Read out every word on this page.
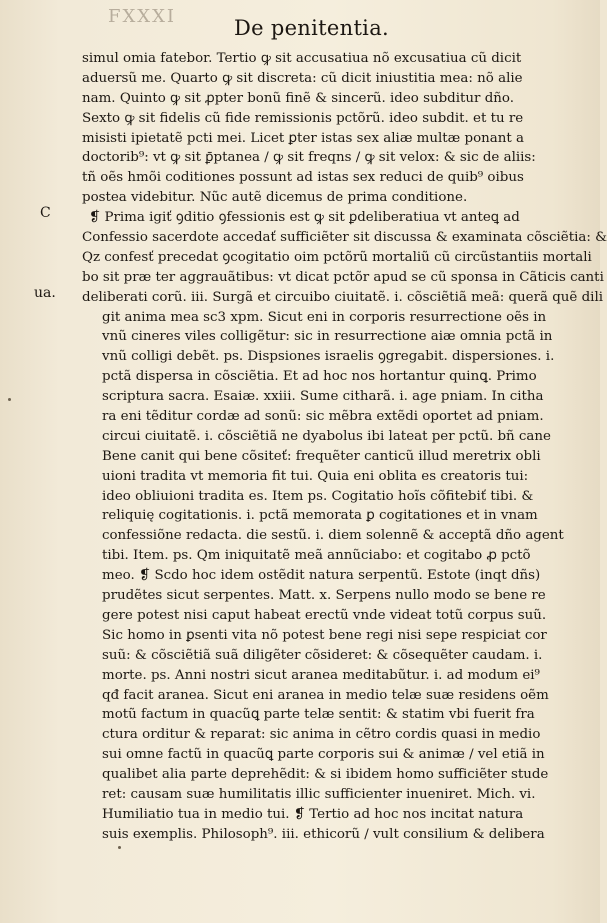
FXXXI	De penitentia.
C
ua.
simul omia fatebor. Tertio ꝙ sit accusatiua nõ excusatiua cũ dicit
aduersũ me. Quarto ꝙ sit discreta: cũ dicit iniustitia mea: nõ alie
nam. Quinto ꝙ sit ꝓpter bonũ finẽ & sincerũ. ideo subditur dño.
Sexto ꝙ sit fidelis cũ fide remissionis pctõrũ. ideo subdit. et tu re
misisti ipietatẽ pcti mei. Licet ꝑter istas sex aliæ multæ ponant a
doctorib⁹: vt ꝙ sit ꝑ̄ptanea / ꝙ sit freqns / ꝙ sit velox: & sic de aliis:
tñ oẽs hmõi coditiones possunt ad istas sex reduci de quib⁹ oibus
postea videbitur. Nũc autẽ dicemus de prima conditione.
❡ Prima igiť ꝯditio ꝯfessionis est ꝙ sit ꝑdeliberatiua vt anteꝗ ad
Confessio sacerdote accedať sufficiẽter sit discussa & examinata cõsciẽtia: &
Qz confesť precedat ꝯcogitatio oim pctõrũ mortaliũ cũ circũstantiis mortali
bo sit præ ter aggrauãtibus: vt dicat pctõr apud se cũ sponsa in Cãticis canti
deliberati corũ. iii. Surgã et circuibo ciuitatẽ. i. cõsciẽtiã meã: querã quẽ dili
git anima mea sc3 xpm. Sicut eni in corporis resurrectione oẽs in
vnũ cineres viles colligẽtur: sic in resurrectione aiæ omnia pctã in
vnũ colligi debẽt. ps. Dispsiones israelis ꝯgregabit. dispersiones. i.
pctã dispersa in cõsciẽtia. Et ad hoc nos hortantur quinꝗ. Primo
scriptura sacra. Esaiæ. xxiii. Sume citharã. i. age pniam. In citha
ra eni tẽditur cordæ ad sonũ: sic mẽbra extẽdi oportet ad pniam.
circui ciuitatẽ. i. cõsciẽtiã ne dyabolus ibi lateat per pctũ. bñ cane
Bene canit qui bene cõsiteť: frequẽter canticũ illud meretrix obli
uioni tradita vt memoria fit tui. Quia eni oblita es creatoris tui:
ideo obliuioni tradita es. Item ps. Cogitatio hoĩs cõfitebiť tibi. &
reliquię cogitationis. i. pctã memorata ꝑ cogitationes et in vnam
confessiõne redacta. die sestũ. i. diem solennẽ & acceptã dño agent
tibi. Item. ps. Qm iniquitatẽ meã annũciabo: et cogitabo ꝓ pctõ
meo. ❡ Scdo hoc idem ostẽdit natura serpentũ. Estote (inqt dñs)
prudẽtes sicut serpentes. Matt. x. Serpens nullo modo se bene re
gere potest nisi caput habeat erectũ vnde videat totũ corpus suũ.
Sic homo in ꝑsenti vita nõ potest bene regi nisi sepe respiciat cor
suũ: & cõsciẽtiã suã diligẽter cõsideret: & cõsequẽter caudam. i.
morte. ps. Anni nostri sicut aranea meditabũtur. i. ad modum ei⁹
qđ facit aranea. Sicut eni aranea in medio telæ suæ residens oẽm
motũ factum in quacũꝗ parte telæ sentit: & statim vbi fuerit fra
ctura orditur & reparat: sic anima in cẽtro cordis quasi in medio
sui omne factũ in quacũꝗ parte corporis sui & animæ / vel etiã in
qualibet alia parte deprehẽdit: & si ibidem homo sufficiẽter stude
ret: causam suæ humilitatis illic sufficienter inueniret. Mich. vi.
Humiliatio tua in medio tui. ❡ Tertio ad hoc nos incitat natura
suis exemplis. Philosoph⁹. iii. ethicorũ / vult consilium & delibera
